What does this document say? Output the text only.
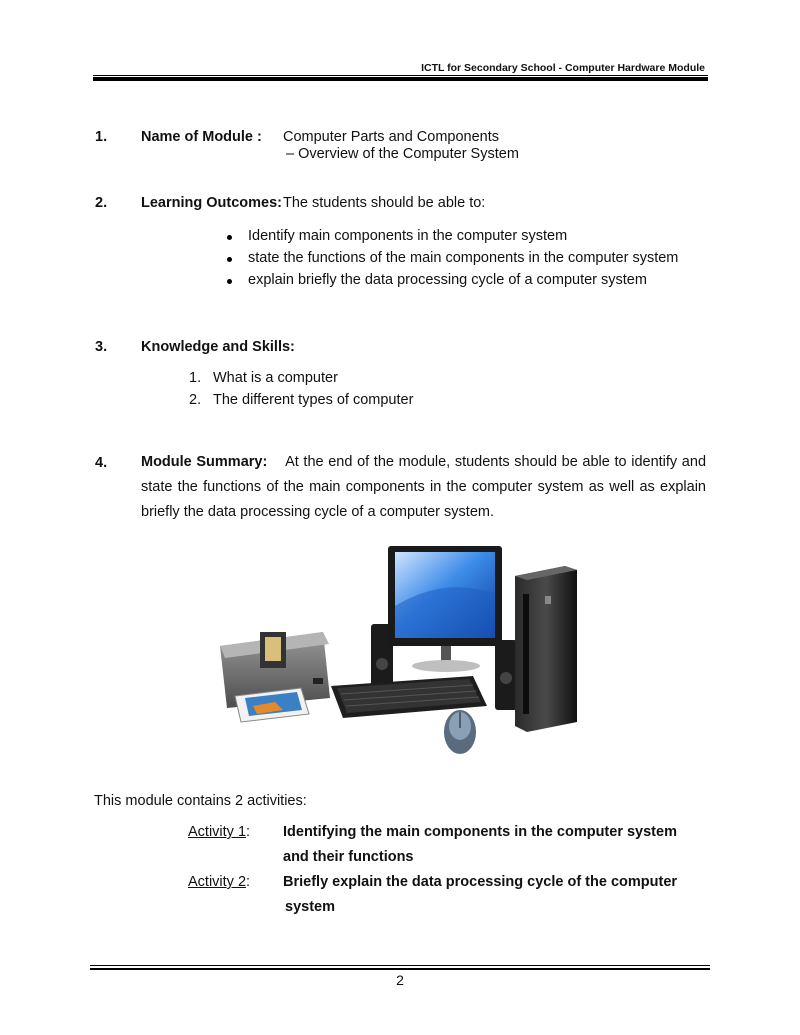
ICTL for Secondary School - Computer Hardware Module
1. Name of Module : Computer Parts and Components
– Overview of the Computer System
2. Learning Outcomes: The students should be able to:
Identify main components in the computer system
state the functions of the main components in the computer system
explain briefly the data processing cycle of a computer system
3. Knowledge and Skills:
1. What is a computer
2. The different types of computer
4. Module Summary: At the end of the module, students should be able to identify and state the functions of the main components in the computer system as well as explain briefly the data processing cycle of a computer system.
This module contains 2 activities:
Activity 1: Identifying the main components in the computer system
and their functions
Activity 2: Briefly explain the data processing cycle of the computer
system
2
